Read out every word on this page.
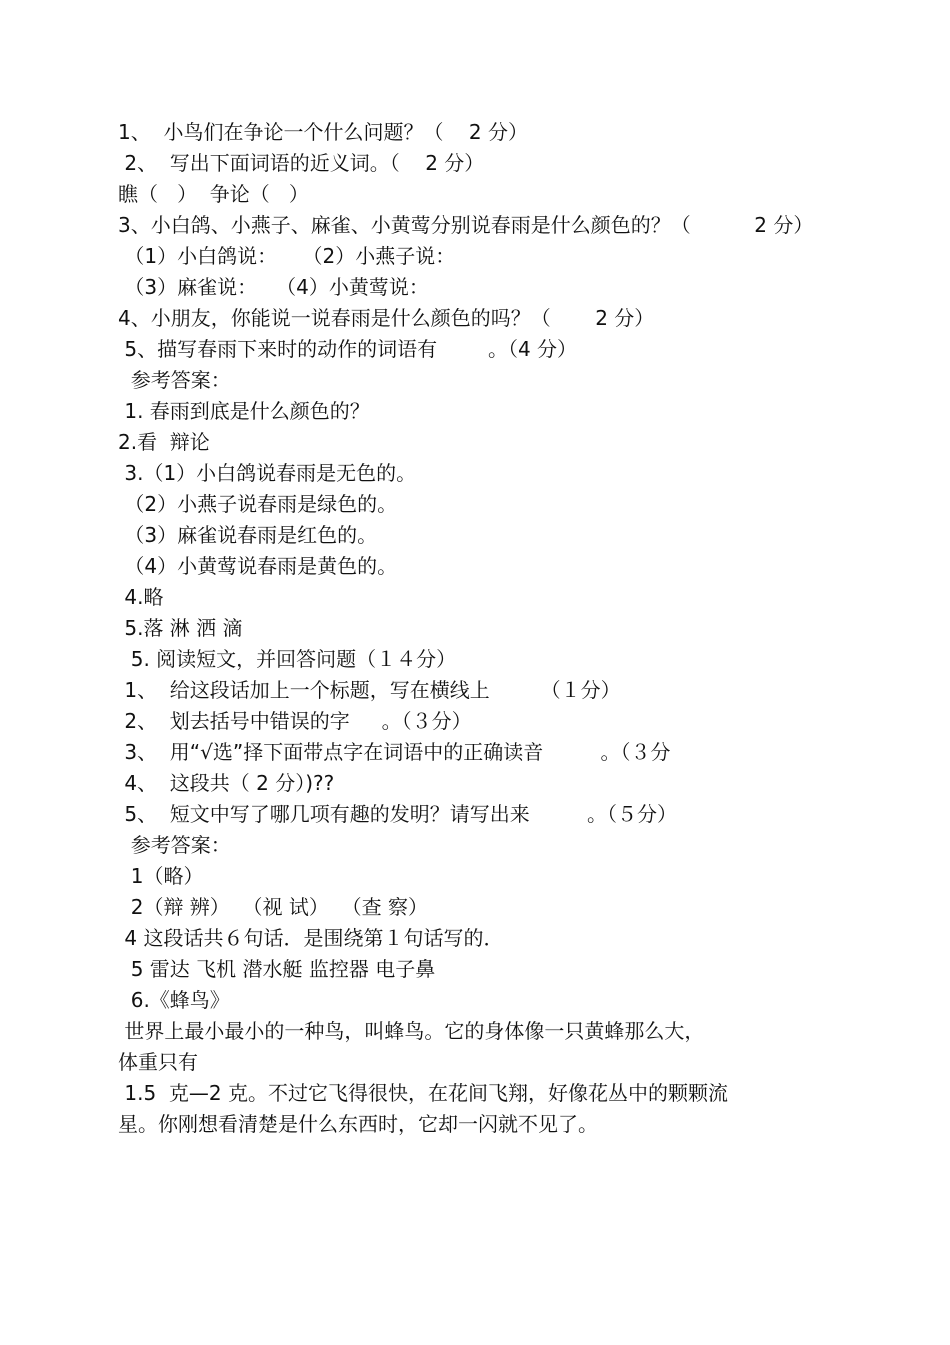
1、  小鸟们在争论一个什么问题？（    2 分）
2、  写出下面词语的近义词。（    2 分）
瞧（   ）  争论（   ）
3、小白鸽、小燕子、麻雀、小黄莺分别说春雨是什么颜色的？（          2 分）
（1）小白鸽说：    （2）小燕子说：
（3）麻雀说：   （4）小黄莺说：
4、小朋友，你能说一说春雨是什么颜色的吗？（       2 分）
5、描写春雨下来时的动作的词语有        。（4 分）
参考答案：
1. 春雨到底是什么颜色的？
2.看  辩论
3.（1）小白鸽说春雨是无色的。
（2）小燕子说春雨是绿色的。
（3）麻雀说春雨是红色的。
（4）小黄莺说春雨是黄色的。
4.略
5.落 淋 洒 滴
5. 阅读短文，并回答问题（１４分）
1、  给这段话加上一个标题，写在横线上        （１分）
2、  划去括号中错误的字     。（３分）
3、  用“√选”择下面带点字在词语中的正确读音         。（３分
4、  这段共（ 2 分）)??
5、  短文中写了哪几项有趣的发明？请写出来         。（５分）
参考答案：
1（略）
2（辩 辨）  （视 试）  （查 察）
4 这段话共６句话．是围绕第１句话写的．
5 雷达 飞机 潜水艇 监控器 电子鼻
6.《蜂鸟》
世界上最小最小的一种鸟，叫蜂鸟。它的身体像一只黄蜂那么大，
体重只有
1.5  克—2 克。不过它飞得很快，在花间飞翔，好像花丛中的颗颗流
星。你刚想看清楚是什么东西时，它却一闪就不见了。
